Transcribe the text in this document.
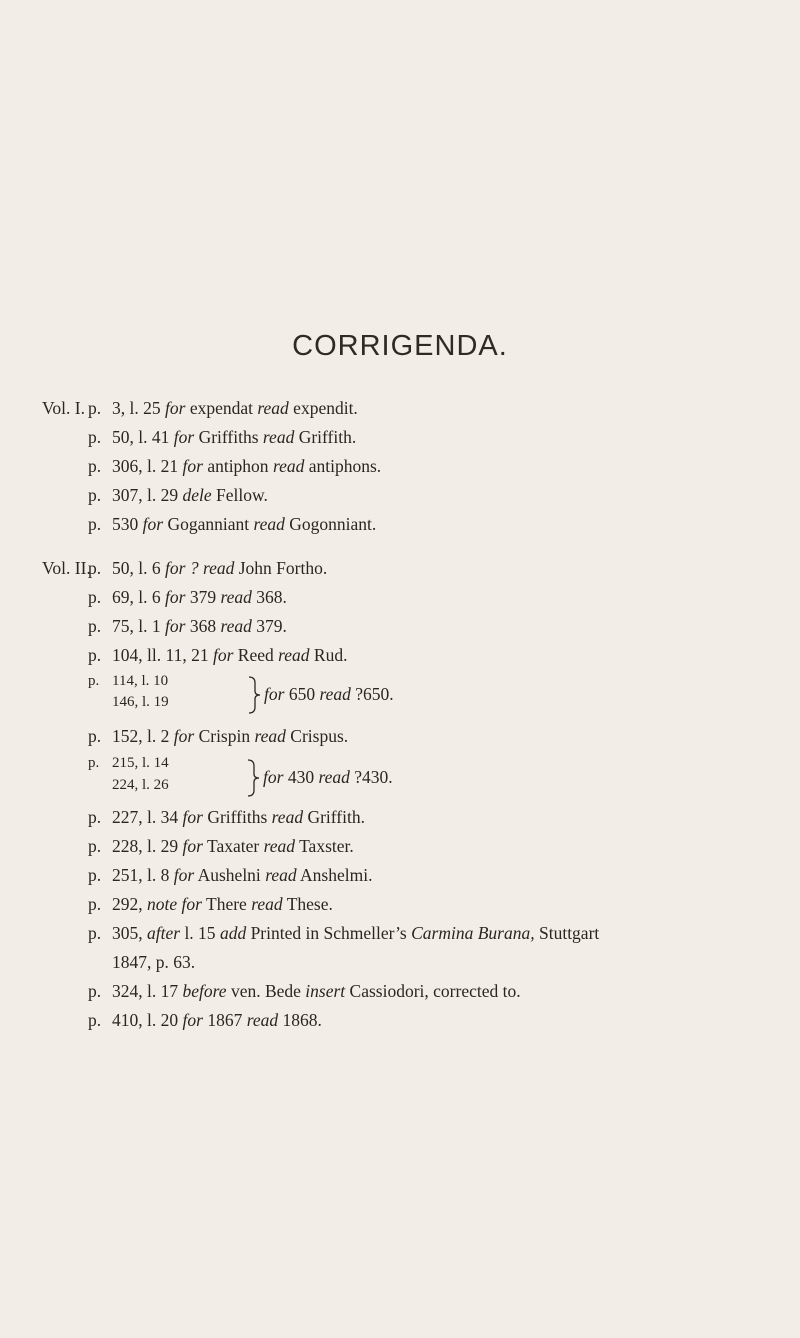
CORRIGENDA.
Vol. I. p. 3, l. 25 for expendat read expendit.
p. 50, l. 41 for Griffiths read Griffith.
p. 306, l. 21 for antiphon read antiphons.
p. 307, l. 29 dele Fellow.
p. 530 for Goganniant read Gogonniant.
Vol. II.
p. 50, l. 6 for ? read John Fortho.
p. 69, l. 6 for 379 read 368.
p. 75, l. 1 for 368 read 379.
p. 104, ll. 11, 21 for Reed read Rud.
p. 114, l. 10
146, l. 19	for 650 read ?650.
p. 152, l. 2 for Crispin read Crispus.
p. 215, l. 14
224, l. 26	for 430 read ?430.
p. 227, l. 34 for Griffiths read Griffith.
p. 228, l. 29 for Taxater read Taxster.
p. 251, l. 8 for Aushelni read Anshelmi.
p. 292, note for There read These.
p. 305, after l. 15 add Printed in Schmeller’s Carmina Burana, Stuttgart
1847, p. 63.
p. 324, l. 17 before ven. Bede insert Cassiodori, corrected to.
p. 410, l. 20 for 1867 read 1868.
